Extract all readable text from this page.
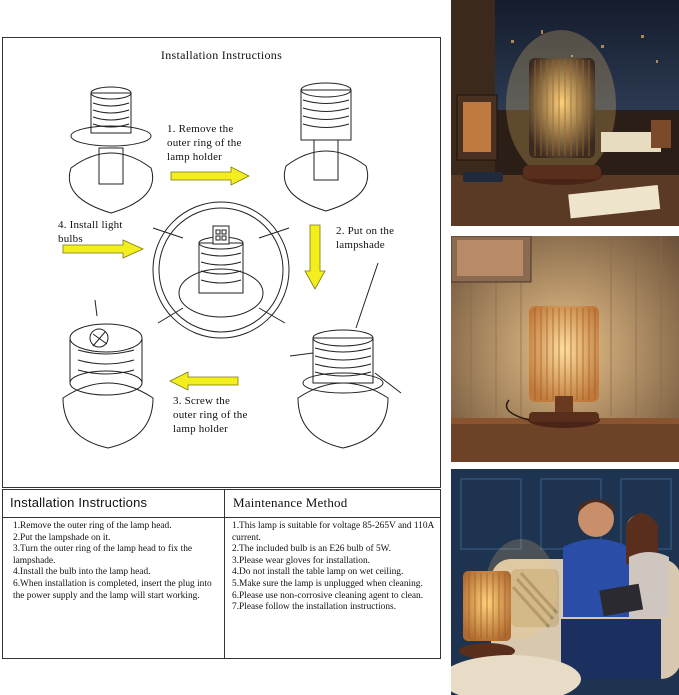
Installation Instructions
1. Remove the
outer ring of the
lamp holder
2. Put on the
lampshade
3. Screw the
outer ring of the
lamp holder
4. Install light
bulbs
Installation Instructions

1.Remove the outer ring of the lamp head.

2.Put the lampshade on it.

3.Turn the outer ring of the lamp head to fix the lampshade.

4.Install the bulb into the lamp head.

6.When installation is completed, insert the plug into the power supply and the lamp will start working.

Maintenance Method

1.This lamp is suitable for voltage 85-265V and 110A current.

2.The included bulb is an E26 bulb of 5W.

3.Please wear gloves for installation.

4.Do not install the table lamp on wet ceiling.

5.Make sure the lamp is unplugged when cleaning.

6.Please use non-corrosive cleaning agent to clean.

7.Please follow the installation instructions.
